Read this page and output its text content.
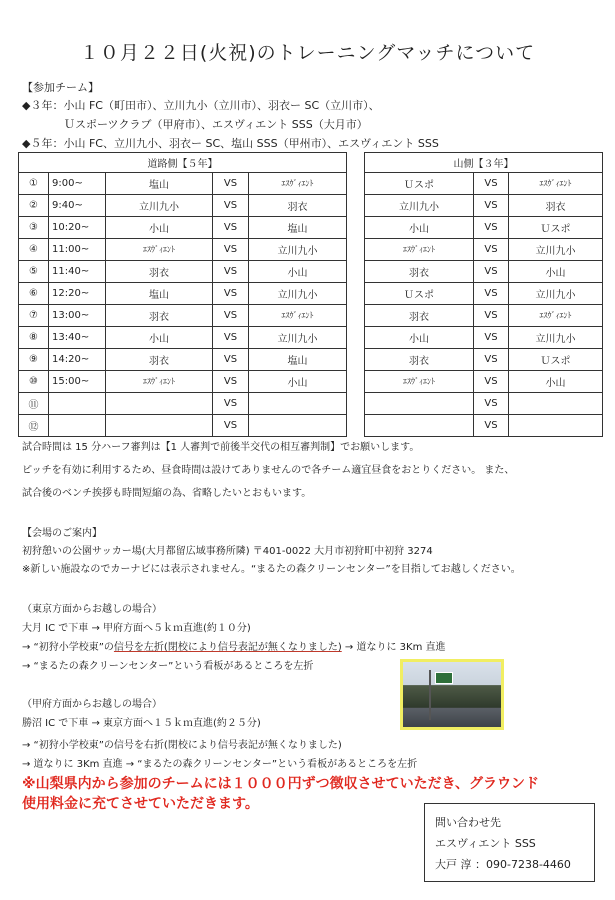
１０月２２日(火祝)のトレーニングマッチについて
【参加チーム】
◆３年：小山 FC（町田市）、立川九小（立川市）、羽衣ー SC（立川市）、
Ｕスポーツクラブ（甲府市）、エスヴィエント SSS（大月市）
◆５年：小山 FC、立川九小、羽衣ー SC、塩山 SSS（甲州市）、エスヴィエント SSS
道路側【５年】						山側【３年】		
①	9:00~	塩山	VS	ｴｽｳﾞｨｴﾝﾄ		Ｕスポ	VS	ｴｽｳﾞｨｴﾝﾄ
②	9:40~	立川九小	VS	羽衣		立川九小	VS	羽衣
③	10:20~	小山	VS	塩山		小山	VS	Ｕスポ
④	11:00~	ｴｽｳﾞｨｴﾝﾄ	VS	立川九小		ｴｽｳﾞｨｴﾝﾄ	VS	立川九小
⑤	11:40~	羽衣	VS	小山		羽衣	VS	小山
⑥	12:20~	塩山	VS	立川九小		Ｕスポ	VS	立川九小
⑦	13:00~	羽衣	VS	ｴｽｳﾞｨｴﾝﾄ		羽衣	VS	ｴｽｳﾞｨｴﾝﾄ
⑧	13:40~	小山	VS	立川九小		小山	VS	立川九小
⑨	14:20~	羽衣	VS	塩山		羽衣	VS	Ｕスポ
⑩	15:00~	ｴｽｳﾞｨｴﾝﾄ	VS	小山		ｴｽｳﾞｨｴﾝﾄ	VS	小山
⑪			VS				VS	
⑫			VS				VS	
試合時間は 15 分ハーフ審判は【1 人審判で前後半交代の相互審判制】でお願いします。
ピッチを有効に利用するため、昼食時間は設けてありませんので各チーム適宜昼食をおとりください。 また、
試合後のベンチ挨拶も時間短縮の為、省略したいとおもいます。
【会場のご案内】
初狩憩いの公園サッカー場(大月都留広域事務所隣) 〒401-0022 大月市初狩町中初狩 3274
※新しい施設なのでカーナビには表示されません。“まるたの森クリーンセンター”を目指してお越しください。
（東京方面からお越しの場合）
大月 IC で下車 → 甲府方面へ５ｋｍ直進(約１０分)
→ “初狩小学校東”の信号を左折(閉校により信号表記が無くなりました) → 道なりに 3Km 直進
→ “まるたの森クリーンセンター”という看板があるところを左折
（甲府方面からお越しの場合）
勝沼 IC で下車 → 東京方面へ１５ｋｍ直進(約２５分)
→ “初狩小学校東”の信号を右折(閉校により信号表記が無くなりました)
→ 道なりに 3Km 直進 → “まるたの森クリーンセンター”という看板があるところを左折
※山梨県内から参加のチームには１０００円ずつ徴収させていただき、グラウンド
使用料金に充てさせていただきます。
問い合わせ先
エスヴィエント SSS
大戸 淳 ：090-7238-4460
